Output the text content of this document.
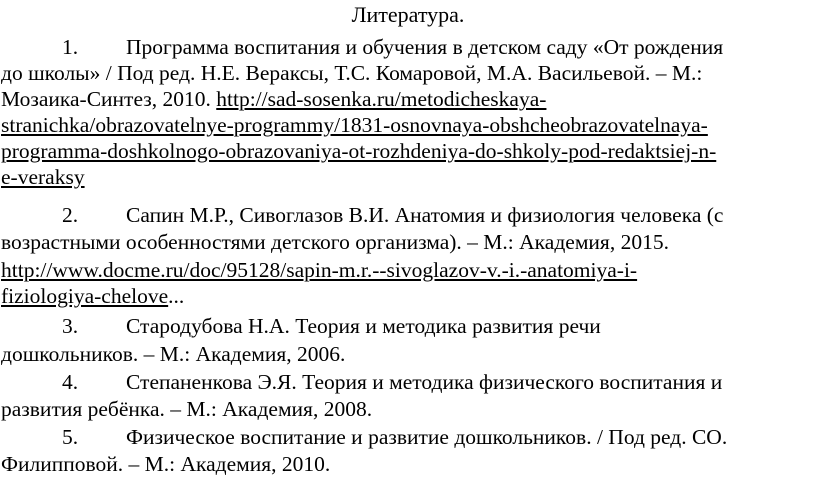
Литература.
1. Программа воспитания и обучения в детском саду «От рождения
до школы» / Под ред. Н.Е. Вераксы, Т.С. Комаровой, М.А. Васильевой. – М.:
Мозаика-Синтез, 2010. http://sad-sosenka.ru/metodicheskaya-
stranichka/obrazovatelnye-programmy/1831-osnovnaya-obshcheobrazovatelnaya-
programma-doshkolnogo-obrazovaniya-ot-rozhdeniya-do-shkoly-pod-redaktsiej-n-
e-veraksy
2. Сапин М.Р., Сивоглазов В.И. Анатомия и физиология человека (с
возрастными особенностями детского организма). – М.: Академия, 2015.
http://www.docme.ru/doc/95128/sapin-m.r.--sivoglazov-v.-i.-anatomiya-i-
fiziologiya-chelove...
3. Стародубова Н.А. Теория и методика развития речи
дошкольников. – М.: Академия, 2006.
4. Степаненкова Э.Я. Теория и методика физического воспитания и
развития ребёнка. – М.: Академия, 2008.
5. Физическое воспитание и развитие дошкольников. / Под ред. СО.
Филипповой. – М.: Академия, 2010.
